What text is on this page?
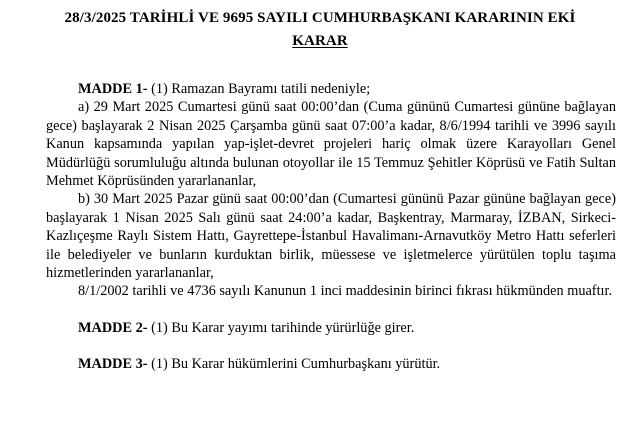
28/3/2025 TARİHLİ VE 9695 SAYILI CUMHURBAŞKANI KARARININ EKİ
KARAR

MADDE 1- (1) Ramazan Bayramı tatili nedeniyle;

a) 29 Mart 2025 Cumartesi günü saat 00:00’dan (Cuma gününü Cumartesi gününe bağlayan gece) başlayarak 2 Nisan 2025 Çarşamba günü saat 07:00’a kadar, 8/6/1994 tarihli ve 3996 sayılı Kanun kapsamında yapılan yap-işlet-devret projeleri hariç olmak üzere Karayolları Genel Müdürlüğü sorumluluğu altında bulunan otoyollar ile 15 Temmuz Şehitler Köprüsü ve Fatih Sultan Mehmet Köprüsünden yararlananlar,

b) 30 Mart 2025 Pazar günü saat 00:00’dan (Cumartesi gününü Pazar gününe bağlayan gece) başlayarak 1 Nisan 2025 Salı günü saat 24:00’a kadar, Başkentray, Marmaray, İZBAN, Sirkeci-Kazlıçeşme Raylı Sistem Hattı, Gayrettepe-İstanbul Havalimanı-Arnavutköy Metro Hattı seferleri ile belediyeler ve bunların kurduktan birlik, müessese ve işletmelercе yürütülen toplu taşıma hizmetlerinden yararlananlar,

8/1/2002 tarihli ve 4736 sayılı Kanunun 1 inci maddesinin birinci fıkrası hükmünden muaftır.

MADDE 2- (1) Bu Karar yayımı tarihinde yürürlüğe girer.

MADDE 3- (1) Bu Karar hükümlerini Cumhurbaşkanı yürütür.
